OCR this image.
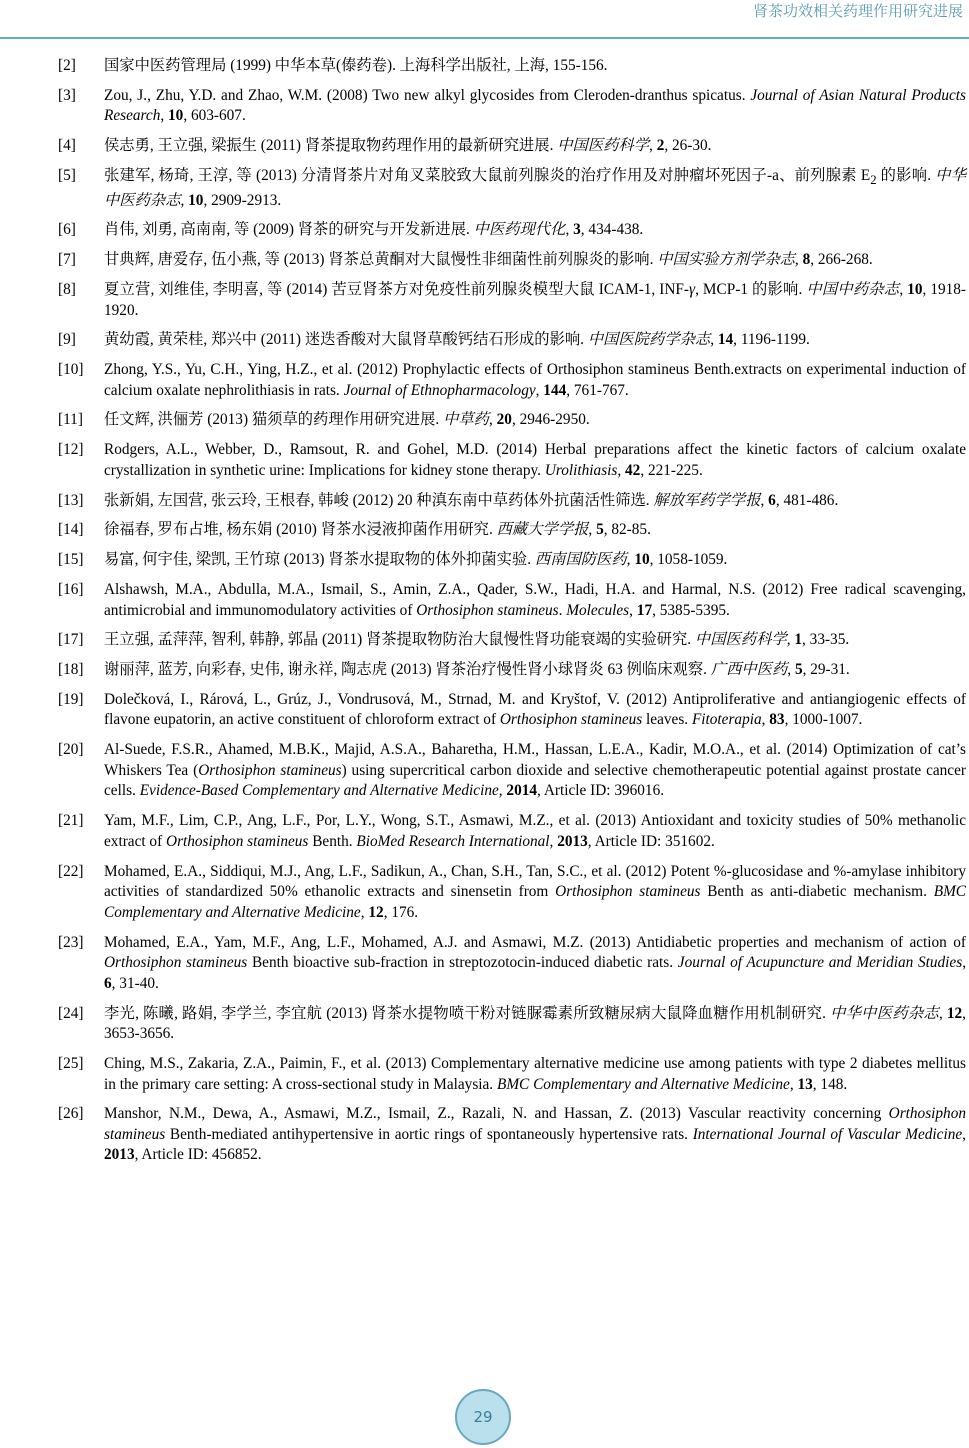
肾茶功效相关药理作用研究进展
[2]	国家中医药管理局 (1999) 中华本草(傣药卷). 上海科学出版社, 上海, 155-156.
[3]	Zou, J., Zhu, Y.D. and Zhao, W.M. (2008) Two new alkyl glycosides from Cleroden-dranthus spicatus. Journal of Asian Natural Products Research, 10, 603-607.
[4]	侯志勇, 王立强, 梁振生 (2011) 肾茶提取物药理作用的最新研究进展. 中国医药科学, 2, 26-30.
[5]	张建军, 杨琦, 王淳, 等 (2013) 分清肾茶片对角叉菜胶致大鼠前列腺炎的治疗作用及对肿瘤坏死因子-a、前列腺素 $E_2$ 的影响. 中华中医药杂志, 10, 2909-2913.
[6]	肖伟, 刘勇, 高南南, 等 (2009) 肾茶的研究与开发新进展. 中医药现代化, 3, 434-438.
[7]	甘典辉, 唐爱存, 伍小燕, 等 (2013) 肾茶总黄酮对大鼠慢性非细菌性前列腺炎的影响. 中国实验方剂学杂志, 8, 266-268.
[8]	夏立营, 刘维佳, 李明喜, 等 (2014) 苦豆肾茶方对免疫性前列腺炎模型大鼠 ICAM-1, INF-γ, MCP-1 的影响. 中国中药杂志, 10, 1918-1920.
[9]	黄幼霞, 黄荣桂, 郑兴中 (2011) 迷迭香酸对大鼠肾草酸钙结石形成的影响. 中国医院药学杂志, 14, 1196-1199.
[10]	Zhong, Y.S., Yu, C.H., Ying, H.Z., et al. (2012) Prophylactic effects of Orthosiphon stamineus Benth.extracts on experimental induction of calcium oxalate nephrolithiasis in rats. Journal of Ethnopharmacology, 144, 761-767.
[11]	任文辉, 洪俪芳 (2013) 猫须草的药理作用研究进展. 中草药, 20, 2946-2950.
[12]	Rodgers, A.L., Webber, D., Ramsout, R. and Gohel, M.D. (2014) Herbal preparations affect the kinetic factors of calcium oxalate crystallization in synthetic urine: Implications for kidney stone therapy. Urolithiasis, 42, 221-225.
[13]	张新娟, 左国营, 张云玲, 王根春, 韩峻 (2012) 20 种滇东南中草药体外抗菌活性筛选. 解放军药学学报, 6, 481-486.
[14]	徐福春, 罗布占堆, 杨东娟 (2010) 肾茶水浸液抑菌作用研究. 西藏大学学报, 5, 82-85.
[15]	易富, 何宇佳, 梁凯, 王竹琼 (2013) 肾茶水提取物的体外抑菌实验. 西南国防医药, 10, 1058-1059.
[16]	Alshawsh, M.A., Abdulla, M.A., Ismail, S., Amin, Z.A., Qader, S.W., Hadi, H.A. and Harmal, N.S. (2012) Free radical scavenging, antimicrobial and immunomodulatory activities of Orthosiphon stamineus. Molecules, 17, 5385-5395.
[17]	王立强, 孟萍萍, 智利, 韩静, 郭晶 (2011) 肾茶提取物防治大鼠慢性肾功能衰竭的实验研究. 中国医药科学, 1, 33-35.
[18]	谢丽萍, 蓝芳, 向彩春, 史伟, 谢永祥, 陶志虎 (2013) 肾茶治疗慢性肾小球肾炎 63 例临床观察. 广西中医药, 5, 29-31.
[19]	Dolečková, I., Rárová, L., Grúz, J., Vondrusová, M., Strnad, M. and Kryštof, V. (2012) Antiproliferative and antiangiogenic effects of flavone eupatorin, an active constituent of chloroform extract of Orthosiphon stamineus leaves. Fitoterapia, 83, 1000-1007.
[20]	Al-Suede, F.S.R., Ahamed, M.B.K., Majid, A.S.A., Baharetha, H.M., Hassan, L.E.A., Kadir, M.O.A., et al. (2014) Optimization of cat’s Whiskers Tea (Orthosiphon stamineus) using supercritical carbon dioxide and selective chemotherapeutic potential against prostate cancer cells. Evidence-Based Complementary and Alternative Medicine, 2014, Article ID: 396016.
[21]	Yam, M.F., Lim, C.P., Ang, L.F., Por, L.Y., Wong, S.T., Asmawi, M.Z., et al. (2013) Antioxidant and toxicity studies of 50% methanolic extract of Orthosiphon stamineus Benth. BioMed Research International, 2013, Article ID: 351602.
[22]	Mohamed, E.A., Siddiqui, M.J., Ang, L.F., Sadikun, A., Chan, S.H., Tan, S.C., et al. (2012) Potent %-glucosidase and %-amylase inhibitory activities of standardized 50% ethanolic extracts and sinensetin from Orthosiphon stamineus Benth as anti-diabetic mechanism. BMC Complementary and Alternative Medicine, 12, 176.
[23]	Mohamed, E.A., Yam, M.F., Ang, L.F., Mohamed, A.J. and Asmawi, M.Z. (2013) Antidiabetic properties and mechanism of action of Orthosiphon stamineus Benth bioactive sub-fraction in streptozotocin-induced diabetic rats. Journal of Acupuncture and Meridian Studies, 6, 31-40.
[24]	李光, 陈曦, 路娟, 李学兰, 李宜航 (2013) 肾茶水提物喷干粉对链脲霉素所致糖尿病大鼠降血糖作用机制研究. 中华中医药杂志, 12, 3653-3656.
[25]	Ching, M.S., Zakaria, Z.A., Paimin, F., et al. (2013) Complementary alternative medicine use among patients with type 2 diabetes mellitus in the primary care setting: A cross-sectional study in Malaysia. BMC Complementary and Alternative Medicine, 13, 148.
[26]	Manshor, N.M., Dewa, A., Asmawi, M.Z., Ismail, Z., Razali, N. and Hassan, Z. (2013) Vascular reactivity concerning Orthosiphon stamineus Benth-mediated antihypertensive in aortic rings of spontaneously hypertensive rats. International Journal of Vascular Medicine, 2013, Article ID: 456852.
29
